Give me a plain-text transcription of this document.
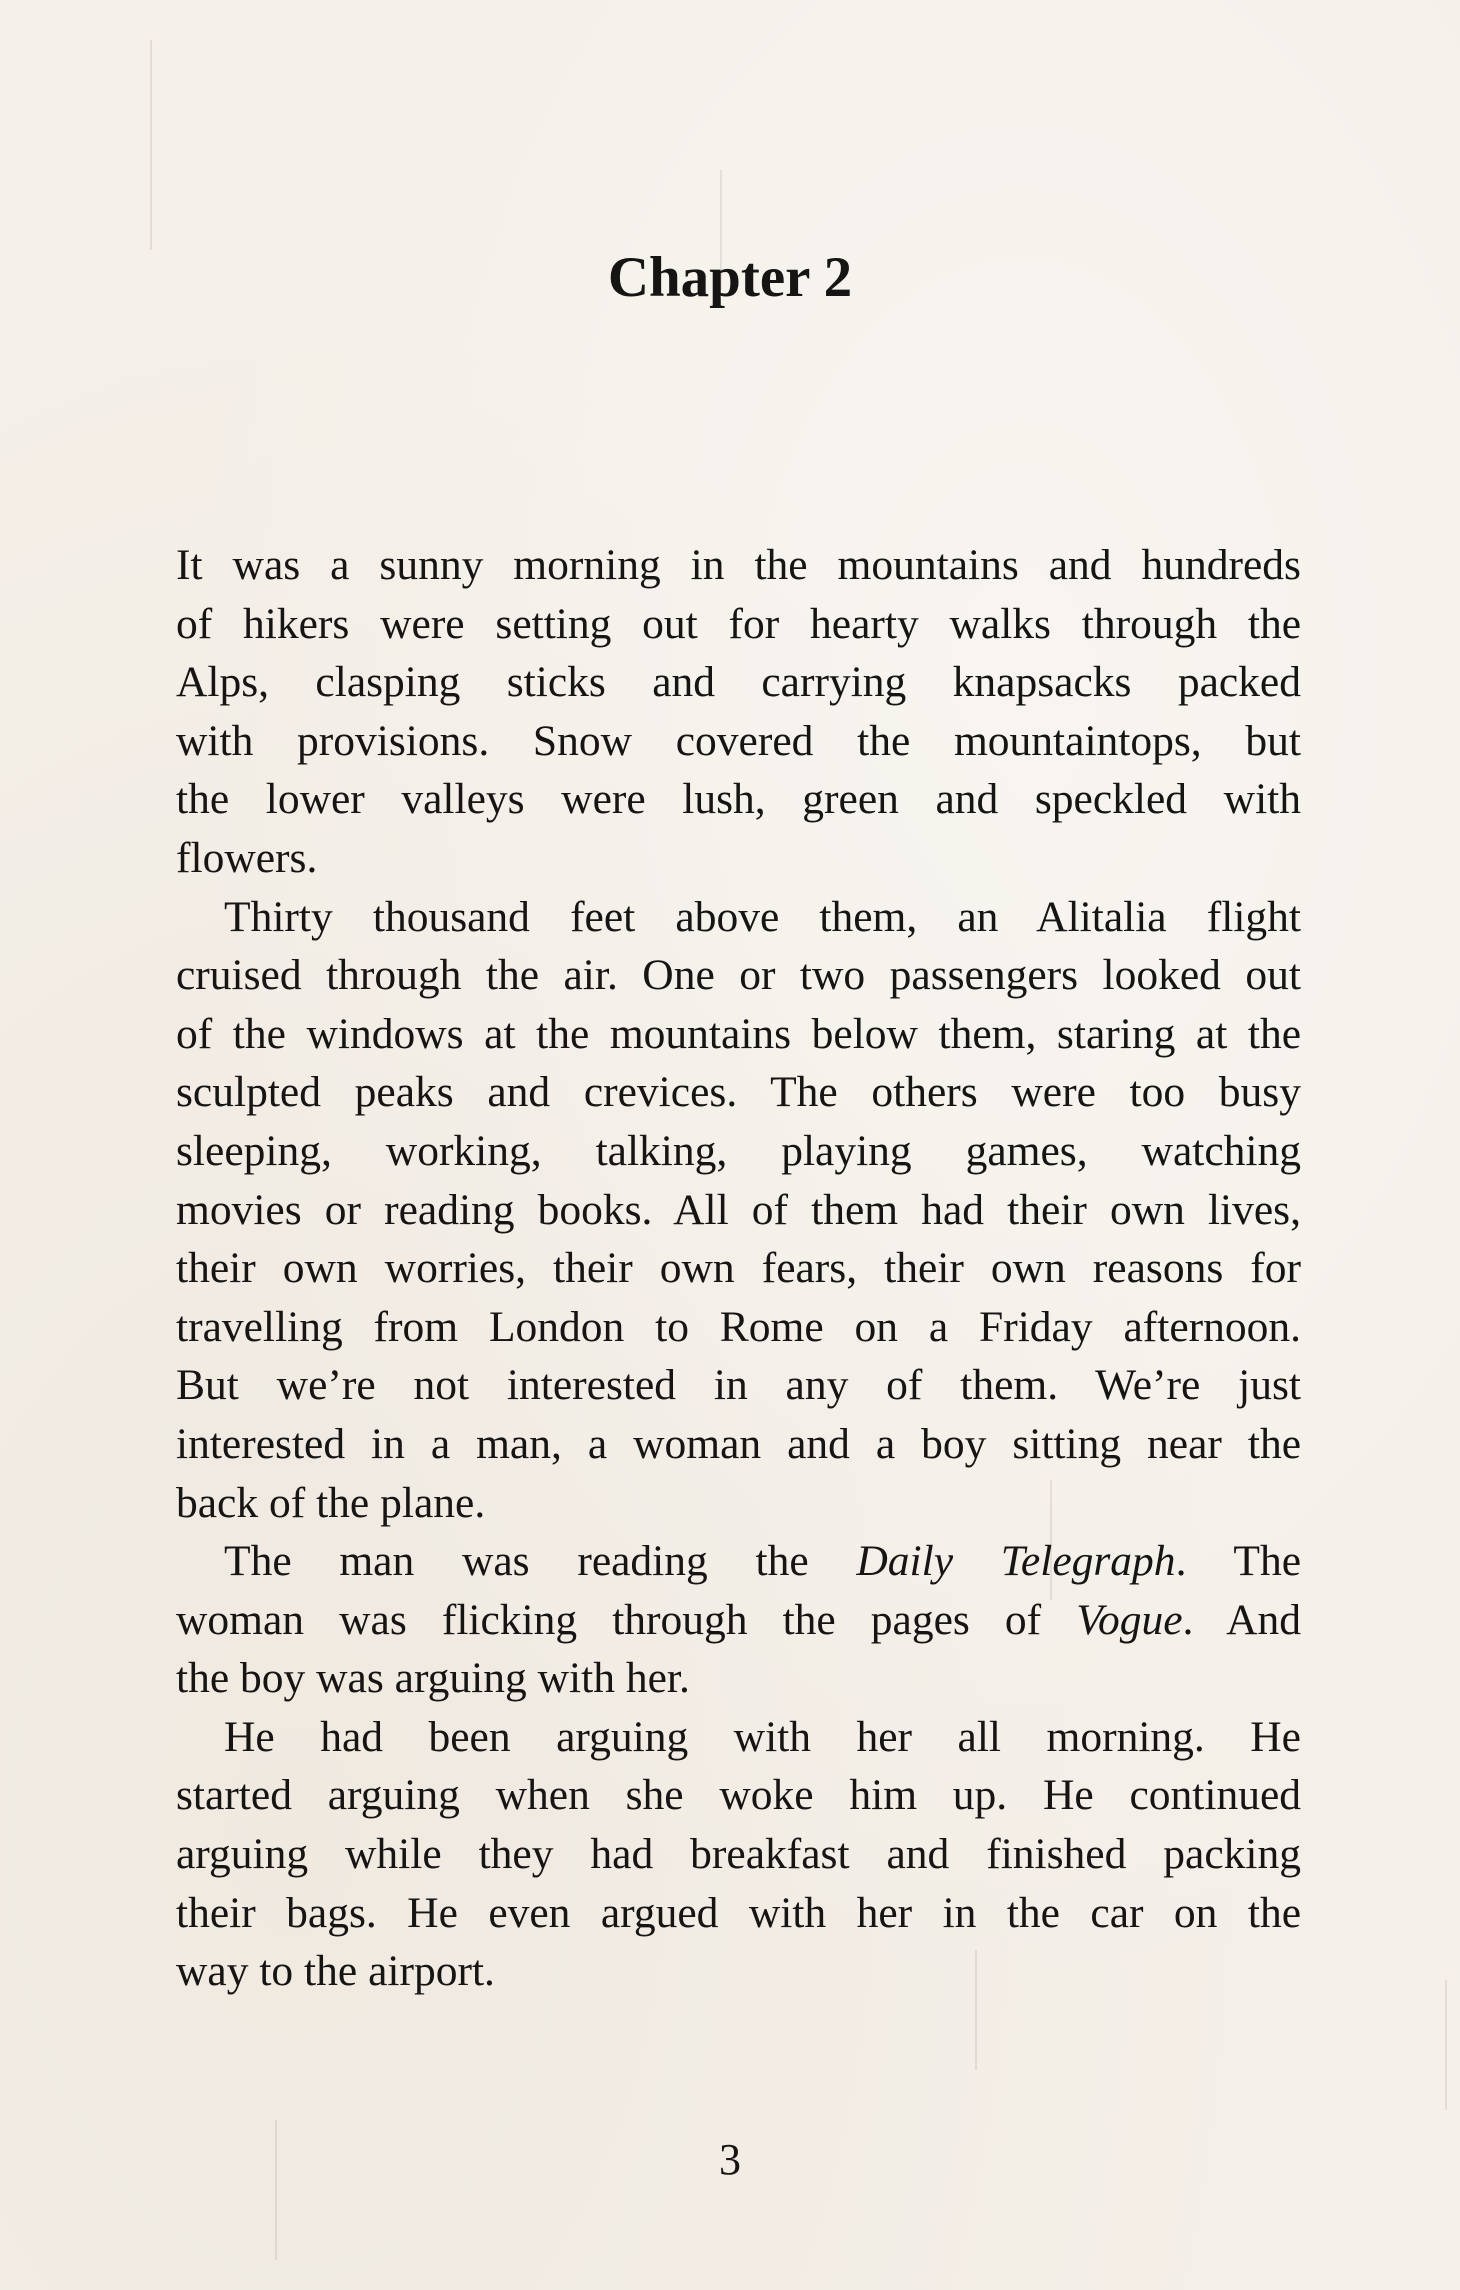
Chapter 2
It was a sunny morning in the mountains and hundreds
of hikers were setting out for hearty walks through the
Alps, clasping sticks and carrying knapsacks packed
with provisions. Snow covered the mountaintops, but
the lower valleys were lush, green and speckled with
flowers.
Thirty thousand feet above them, an Alitalia flight
cruised through the air. One or two passengers looked out
of the windows at the mountains below them, staring at the
sculpted peaks and crevices. The others were too busy
sleeping, working, talking, playing games, watching
movies or reading books. All of them had their own lives,
their own worries, their own fears, their own reasons for
travelling from London to Rome on a Friday afternoon.
But we’re not interested in any of them. We’re just
interested in a man, a woman and a boy sitting near the
back of the plane.
The man was reading the Daily Telegraph. The
woman was flicking through the pages of Vogue. And
the boy was arguing with her.
He had been arguing with her all morning. He
started arguing when she woke him up. He continued
arguing while they had breakfast and finished packing
their bags. He even argued with her in the car on the
way to the airport.
3
